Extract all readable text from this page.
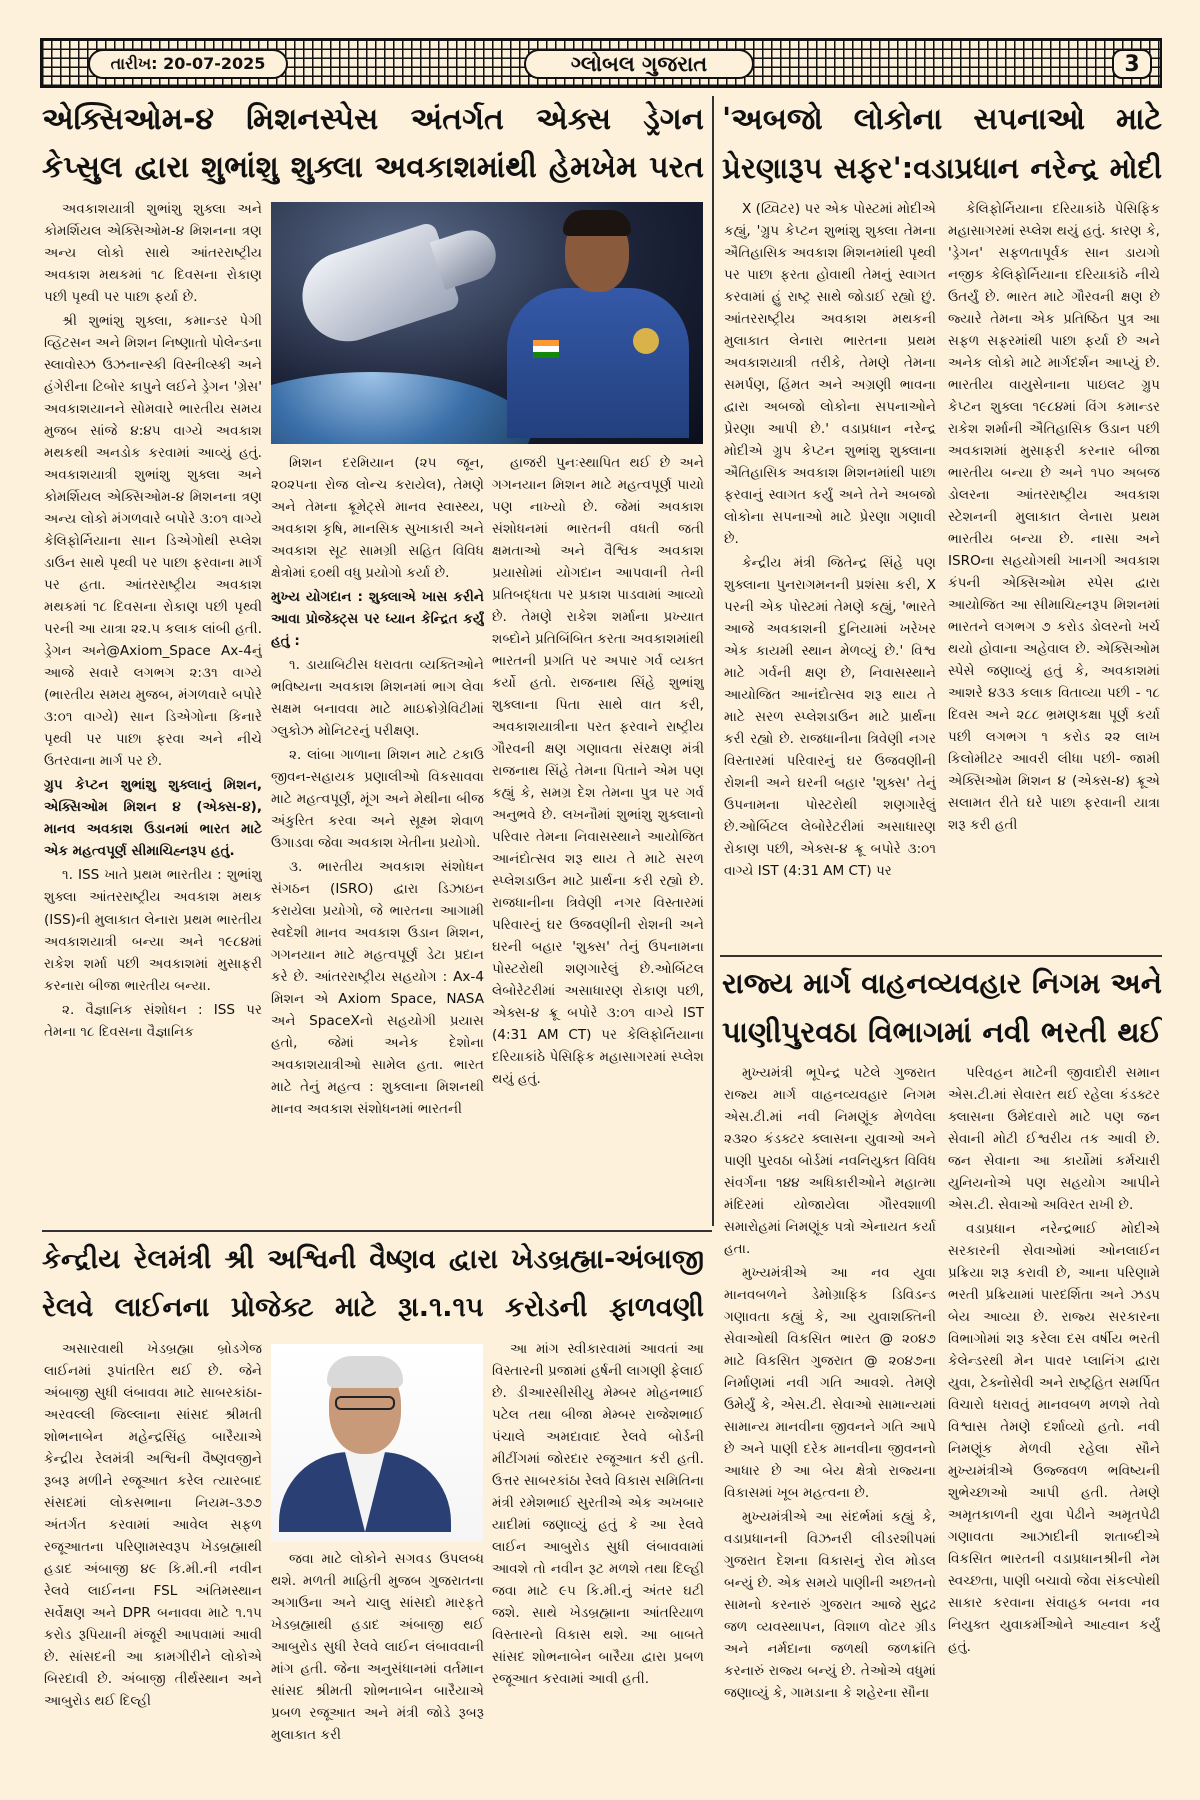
તારીખ: 20-07-2025	ગ્લોબલ ગુજરાત	3
એક્સિઓમ-૪ મિશનસ્પેસ અંતર્ગત એક્સ ડ્રેગન
કેપ્સુલ દ્વારા શુભાંશુ શુક્લા અવકાશમાંથી હેમખેમ પરત

અવકાશયાત્રી શુભાંશુ શુક્લા અને કોમર્શિયલ એક્સિઓમ-૪ મિશનના ત્રણ અન્ય લોકો સાથે આંતરરાષ્ટ્રીય અવકાશ મથકમાં ૧૮ દિવસના રોકાણ પછી પૃથ્વી પર પાછા ફર્યા છે.

શ્રી શુભાંશુ શુક્લા, કમાન્ડર પેગી વ્હિટસન અને મિશન નિષ્ણાતો પોલેન્ડના સ્લાવોસ્ઝ ઉઝનાન્સ્કી વિસ્નીવ્સ્કી અને હંગેરીના ટિબોર કાપુને લઈને ડ્રેગન 'ગ્રેસ' અવકાશયાનને સોમવારે ભારતીય સમય મુજબ સાંજે ૪:૪૫ વાગ્યે અવકાશ મથકથી અનડોક કરવામાં આવ્યું હતું. અવકાશયાત્રી શુભાંશુ શુક્લા અને કોમર્શિયલ એક્સિઓમ-૪ મિશનના ત્રણ અન્ય લોકો મંગળવારે બપોરે ૩:૦૧ વાગ્યે કેલિફોર્નિયાના સાન ડિએગોથી સ્પ્લેશ ડાઉન સાથે પૃથ્વી પર પાછા ફરવાના માર્ગ પર હતા. આંતરરાષ્ટ્રીય અવકાશ મથકમાં ૧૮ દિવસના રોકાણ પછી પૃથ્વી પરની આ યાત્રા ૨૨.૫ કલાક લાંબી હતી. ડ્રેગન અને@Axiom_Space Ax-4નું આજે સવારે લગભગ ૨:૩૧ વાગ્યે (ભારતીય સમય મુજબ, મંગળવારે બપોરે ૩:૦૧ વાગ્યે) સાન ડિએગોના કિનારે પૃથ્વી પર પાછા ફરવા અને નીચે ઉતરવાના માર્ગ પર છે.

ગ્રુપ કેપ્ટન શુભાંશુ શુક્લાનું મિશન, એક્સિઓમ મિશન ૪ (એક્સ-૪), માનવ અવકાશ ઉડાનમાં ભારત માટે એક મહત્વપૂર્ણ સીમાચિહ્નરૂપ હતું.

૧. ISS ખાતે પ્રથમ ભારતીય : શુભાંશુ શુક્લા આંતરરાષ્ટ્રીય અવકાશ મથક (ISS)ની મુલાકાત લેનારા પ્રથમ ભારતીય અવકાશયાત્રી બન્યા અને ૧૯૮૪માં રાકેશ શર્મા પછી અવકાશમાં મુસાફરી કરનારા બીજા ભારતીય બન્યા.

૨. વૈજ્ઞાનિક સંશોધન : ISS પર તેમના ૧૮ દિવસના વૈજ્ઞાનિક

મિશન દરમિયાન (૨૫ જૂન, ૨૦૨૫ના રોજ લોન્ચ કરાયેલ), તેમણે અને તેમના ક્રૂમેટ્સે માનવ સ્વાસ્થ્ય, અવકાશ કૃષિ, માનસિક સુખાકારી અને અવકાશ સૂટ સામગ્રી સહિત વિવિધ ક્ષેત્રોમાં ૬૦થી વધુ પ્રયોગો કર્યા છે.

મુખ્ય યોગદાન : શુક્લાએ ખાસ કરીને આવા પ્રોજેક્ટ્સ પર ધ્યાન કેન્દ્રિત કર્યું હતું :

૧. ડાયાબિટીસ ધરાવતા વ્યક્તિઓને ભવિષ્યના અવકાશ મિશનમાં ભાગ લેવા સક્ષમ બનાવવા માટે માઇક્રોગ્રેવિટીમાં ગ્લુકોઝ મોનિટરનું પરીક્ષણ.

૨. લાંબા ગાળાના મિશન માટે ટકાઉ જીવન-સહાયક પ્રણાલીઓ વિકસાવવા માટે મહત્વપૂર્ણ, મૂંગ અને મેથીના બીજ અંકુરિત કરવા અને સૂક્ષ્મ શેવાળ ઉગાડવા જેવા અવકાશ ખેતીના પ્રયોગો.

૩. ભારતીય અવકાશ સંશોધન સંગઠન (ISRO) દ્વારા ડિઝાઇન કરાયેલા પ્રયોગો, જે ભારતના આગામી સ્વદેશી માનવ અવકાશ ઉડાન મિશન, ગગનયાન માટે મહત્વપૂર્ણ ડેટા પ્રદાન કરે છે. આંતરરાષ્ટ્રીય સહયોગ : Ax-4 મિશન એ Axiom Space, NASA અને SpaceXનો સહયોગી પ્રયાસ હતો, જેમાં અનેક દેશોના અવકાશયાત્રીઓ સામેલ હતા. ભારત માટે તેનું મહત્વ : શુક્લાના મિશનથી માનવ અવકાશ સંશોધનમાં ભારતની

હાજરી પુનઃસ્થાપિત થઈ છે અને ગગનયાન મિશન માટે મહત્વપૂર્ણ પાયો પણ નાખ્યો છે. જેમાં અવકાશ સંશોધનમાં ભારતની વધતી જતી ક્ષમતાઓ અને વૈશ્વિક અવકાશ પ્રયાસોમાં યોગદાન આપવાની તેની પ્રતિબદ્ધતા પર પ્રકાશ પાડવામાં આવ્યો છે. તેમણે રાકેશ શર્માના પ્રખ્યાત શબ્દોને પ્રતિબિંબિત કરતા અવકાશમાંથી ભારતની પ્રગતિ પર અપાર ગર્વ વ્યક્ત કર્યો હતો. રાજનાથ સિંહે શુભાંશુ શુક્લાના પિતા સાથે વાત કરી, અવકાશયાત્રીના પરત ફરવાને રાષ્ટ્રીય ગૌરવની ક્ષણ ગણાવતા સંરક્ષણ મંત્રી રાજનાથ સિંહે તેમના પિતાને એમ પણ કહ્યું કે, સમગ્ર દેશ તેમના પુત્ર પર ગર્વ અનુભવે છે. લખનૌમાં શુભાંશુ શુક્લાનો પરિવાર તેમના નિવાસસ્થાને આયોજિત આનંદોત્સવ શરૂ થાય તે માટે સરળ સ્પ્લેશડાઉન માટે પ્રાર્થના કરી રહ્યો છે. રાજધાનીના ત્રિવેણી નગર વિસ્તારમાં પરિવારનું ઘર ઉજવણીની રોશની અને ઘરની બહાર 'શુક્સ' તેનું ઉપનામના પોસ્ટરોથી શણગારેલું છે.ઓર્બિટલ લેબોરેટરીમાં અસાધારણ રોકાણ પછી, એક્સ-૪ ક્રૂ બપોરે ૩:૦૧ વાગ્યે IST (4:31 AM CT) પર કેલિફોર્નિયાના દરિયાકાંઠે પેસિફિક મહાસાગરમાં સ્પ્લેશ થયું હતું.

'અબજો લોકોના સપનાઓ માટે
પ્રેરણારૂપ સફર':વડાપ્રધાન નરેન્દ્ર મોદી

X (ટ્વિટર) પર એક પોસ્ટમાં મોદીએ કહ્યું, 'ગ્રુપ કેપ્ટન શુભાંશુ શુક્લા તેમના ઐતિહાસિક અવકાશ મિશનમાંથી પૃથ્વી પર પાછા ફરતા હોવાથી તેમનું સ્વાગત કરવામાં હું રાષ્ટ્ર સાથે જોડાઈ રહ્યો છું. આંતરરાષ્ટ્રીય અવકાશ મથકની મુલાકાત લેનારા ભારતના પ્રથમ અવકાશયાત્રી તરીકે, તેમણે તેમના સમર્પણ, હિંમત અને અગ્રણી ભાવના દ્વારા અબજો લોકોના સપનાઓને પ્રેરણા આપી છે.' વડાપ્રધાન નરેન્દ્ર મોદીએ ગ્રુપ કેપ્ટન શુભાંશુ શુક્લાના ઐતિહાસિક અવકાશ મિશનમાંથી પાછા ફરવાનું સ્વાગત કર્યું અને તેને અબજો લોકોના સપનાઓ માટે પ્રેરણા ગણાવી છે.

કેન્દ્રીય મંત્રી જિતેન્દ્ર સિંહે પણ શુક્લાના પુનરાગમનની પ્રશંસા કરી, X પરની એક પોસ્ટમાં તેમણે કહ્યું, 'ભારતે આજે અવકાશની દુનિયામાં ખરેખર એક કાયમી સ્થાન મેળવ્યું છે.' વિશ્વ માટે ગર્વની ક્ષણ છે, નિવાસસ્થાને આયોજિત આનંદોત્સવ શરૂ થાય તે માટે સરળ સ્પ્લેશડાઉન માટે પ્રાર્થના કરી રહ્યો છે. રાજધાનીના ત્રિવેણી નગર વિસ્તારમાં પરિવારનું ઘર ઉજવણીની રોશની અને ઘરની બહાર 'શુક્સ' તેનું ઉપનામના પોસ્ટરોથી શણગારેલું છે.ઓર્બિટલ લેબોરેટરીમાં અસાધારણ રોકાણ પછી, એક્સ-૪ ક્રૂ બપોરે ૩:૦૧ વાગ્યે IST (4:31 AM CT) પર

કેલિફોર્નિયાના દરિયાકાંઠે પેસિફિક મહાસાગરમાં સ્પ્લેશ થયું હતું. કારણ કે, 'ડ્રેગન' સફળતાપૂર્વક સાન ડાયગો નજીક કેલિફોર્નિયાના દરિયાકાંઠે નીચે ઉતર્યું છે. ભારત માટે ગૌરવની ક્ષણ છે જ્યારે તેમના એક પ્રતિષ્ઠિત પુત્ર આ સફળ સફરમાંથી પાછા ફર્યા છે અને અનેક લોકો માટે માર્ગદર્શન આપ્યું છે. ભારતીય વાયુસેનાના પાઇલટ ગ્રુપ કેપ્ટન શુક્લા ૧૯૮૪માં વિંગ કમાન્ડર રાકેશ શર્માની ઐતિહાસિક ઉડાન પછી અવકાશમાં મુસાફરી કરનાર બીજા ભારતીય બન્યા છે અને ૧૫૦ અબજ ડોલરના આંતરરાષ્ટ્રીય અવકાશ સ્ટેશનની મુલાકાત લેનારા પ્રથમ ભારતીય બન્યા છે. નાસા અને ISROના સહયોગથી ખાનગી અવકાશ કંપની એક્સિઓમ સ્પેસ દ્વારા આયોજિત આ સીમાચિહ્નરૂપ મિશનમાં ભારતને લગભગ ૭ કરોડ ડોલરનો ખર્ચ થયો હોવાના અહેવાલ છે. એક્સિઓમ સ્પેસે જણાવ્યું હતું કે, અવકાશમાં આશરે ૪૩૩ કલાક વિતાવ્યા પછી - ૧૮ દિવસ અને ૨૮૮ ભ્રમણકક્ષા પૂર્ણ કર્યા પછી લગભગ ૧ કરોડ ૨૨ લાખ કિલોમીટર આવરી લીધા પછી- જામી એક્સિઓમ મિશન ૪ (એક્સ-૪) ક્રૂએ સલામત રીતે ઘરે પાછા ફરવાની યાત્રા શરૂ કરી હતી

રાજ્ય માર્ગ વાહનવ્યવહાર નિગમ અને
પાણીપુરવઠા વિભાગમાં નવી ભરતી થઈ

મુખ્યમંત્રી ભૂપેન્દ્ર પટેલે ગુજરાત રાજ્ય માર્ગ વાહનવ્યવહાર નિગમ એસ.ટી.માં નવી નિમણૂંક મેળવેલા ૨૩૨૦ કંડક્ટર ક્લાસના યુવાઓ અને પાણી પુરવઠા બોર્ડમાં નવનિયુક્ત વિવિધ સંવર્ગના ૧૪૪ અધિકારીઓને મહાત્મા મંદિરમાં યોજાયેલા ગૌરવશાળી સમારોહમાં નિમણૂંક પત્રો એનાયત કર્યા હતા.

મુખ્યમંત્રીએ આ નવ યુવા માનવબળને ડેમોગ્રાફિક ડિવિડન્ડ ગણાવતા કહ્યું કે, આ યુવાશક્તિની સેવાઓથી વિકસિત ભારત @ ૨૦૪૭ માટે વિકસિત ગુજરાત @ ૨૦૪૭ના નિર્માણમાં નવી ગતિ આવશે. તેમણે ઉમેર્યું કે, એસ.ટી. સેવાઓ સામાન્યમાં સામાન્ય માનવીના જીવનને ગતિ આપે છે અને પાણી દરેક માનવીના જીવનનો આધાર છે આ બેય ક્ષેત્રો રાજ્યના વિકાસમાં ખૂબ મહત્વના છે.

મુખ્યમંત્રીએ આ સંદર્ભમાં કહ્યું કે, વડાપ્રધાનની વિઝનરી લીડરશીપમાં ગુજરાત દેશના વિકાસનું રોલ મોડલ બન્યું છે. એક સમયે પાણીની અછતનો સામનો કરનારું ગુજરાત આજે સુદ્રઢ જળ વ્યવસ્થાપન, વિશાળ વોટર ગ્રીડ અને નર્મદાના જળથી જળક્રાંતિ કરનારું રાજ્ય બન્યું છે. તેઓએ વધુમાં જણાવ્યું કે, ગામડાના કે શહેરના સૌના

પરિવહન માટેની જીવાદોરી સમાન એસ.ટી.માં સેવારત થઈ રહેલા કંડક્ટર ક્લાસના ઉમેદવારો માટે પણ જન સેવાની મોટી ઈશ્વરીય તક આવી છે. જન સેવાના આ કાર્યોમાં કર્મચારી યુનિયનોએ પણ સહયોગ આપીને એસ.ટી. સેવાઓ અવિરત રાખી છે.

વડાપ્રધાન નરેન્દ્રભાઈ મોદીએ સરકારની સેવાઓમાં ઓનલાઈન પ્રક્રિયા શરૂ કરાવી છે, આના પરિણામે ભરતી પ્રક્રિયામાં પારદર્શિતા અને ઝડપ બેય આવ્યા છે. રાજ્ય સરકારના વિભાગોમાં શરૂ કરેલા દસ વર્ષીય ભરતી કેલેન્ડરથી મેન પાવર પ્લાનિંગ દ્વારા યુવા, ટેક્નોસેવી અને રાષ્ટ્રહિત સમર્પિત વિચારો ધરાવતું માનવબળ મળશે તેવો વિશ્વાસ તેમણે દર્શાવ્યો હતો. નવી નિમણૂંક મેળવી રહેલા સૌને મુખ્યમંત્રીએ ઉજ્જવળ ભવિષ્યની શુભેચ્છાઓ આપી હતી. તેમણે અમૃતકાળની યુવા પેઢીને અમૃતપેઢી ગણાવતા આઝાદીની શતાબ્દીએ વિકસિત ભારતની વડાપ્રધાનશ્રીની નેમ સ્વચ્છતા, પાણી બચાવો જેવા સંકલ્પોથી સાકાર કરવાના સંવાહક બનવા નવ નિયુક્ત યુવાકર્મીઓને આહ્વાન કર્યું હતું.

કેન્દ્રીય રેલમંત્રી શ્રી અશ્વિની વૈષ્ણવ દ્વારા ખેડબ્રહ્મા-અંબાજી
રેલવે લાઈનના પ્રોજેક્ટ માટે રૂા.૧.૧૫ કરોડની ફાળવણી

અસારવાથી ખેડબ્રહ્મા બ્રોડગેજ લાઈનમાં રૂપાંતરિત થઈ છે. જેને અંબાજી સુધી લંબાવવા માટે સાબરકાંઠા-અરવલ્લી જિલ્લાના સાંસદ શ્રીમતી શોભનાબેન મહેન્દ્રસિંહ બારૈયાએ કેન્દ્રીય રેલમંત્રી અશ્વિની વૈષ્ણવજીને રૂબરૂ મળીને રજૂઆત કરેલ ત્યારબાદ સંસદમાં લોકસભાના નિયમ-૩૭૭ અંતર્ગત કરવામાં આવેલ સફળ રજૂઆતના પરિણામસ્વરૂપ ખેડબ્રહ્માથી હડાદ અંબાજી ૪૯ કિ.મી.ની નવીન રેલવે લાઈનના FSL અંતિમસ્થાન સર્વેક્ષણ અને DPR બનાવવા માટે ૧.૧૫ કરોડ રૂપિયાની મંજૂરી આપવામાં આવી છે. સાંસદની આ કામગીરીને લોકોએ બિરદાવી છે. અંબાજી તીર્થસ્થાન અને આબુરોડ થઈ દિલ્હી

જવા માટે લોકોને સગવડ ઉપલબ્ધ થશે. મળતી માહિતી મુજબ ગુજરાતના અગાઉના અને ચાલુ સાંસદો મારફતે ખેડબ્રહ્માથી હડાદ અંબાજી થઈ આબુરોડ સુધી રેલવે લાઈન લંબાવવાની માંગ હતી. જેના અનુસંધાનમાં વર્તમાન સાંસદ શ્રીમતી શોભનાબેન બારૈયાએ પ્રબળ રજૂઆત અને મંત્રી જોડે રૂબરૂ મુલાકાત કરી

આ માંગ સ્વીકારવામાં આવતાં આ વિસ્તારની પ્રજામાં હર્ષની લાગણી ફેલાઈ છે. ડીઆરસીસીયુ મેમ્બર મોહનભાઈ પટેલ તથા બીજા મેમ્બર રાજેશભાઈ પંચાલે અમદાવાદ રેલવે બોર્ડની મીટીંગમાં જોરદાર રજૂઆત કરી હતી. ઉત્તર સાબરકાંઠા રેલવે વિકાસ સમિતિના મંત્રી રમેશભાઈ સુરતીએ એક અખબાર યાદીમાં જણાવ્યું હતું કે આ રેલવે લાઈન આબુરોડ સુધી લંબાવવામાં આવશે તો નવીન રૂટ મળશે તથા દિલ્હી જવા માટે ૯૫ કિ.મી.નું અંતર ઘટી જશે. સાથે ખેડબ્રહ્માના આંતરિયાળ વિસ્તારનો વિકાસ થશે. આ બાબતે સાંસદ શોભનાબેન બારૈયા દ્વારા પ્રબળ રજૂઆત કરવામાં આવી હતી.
